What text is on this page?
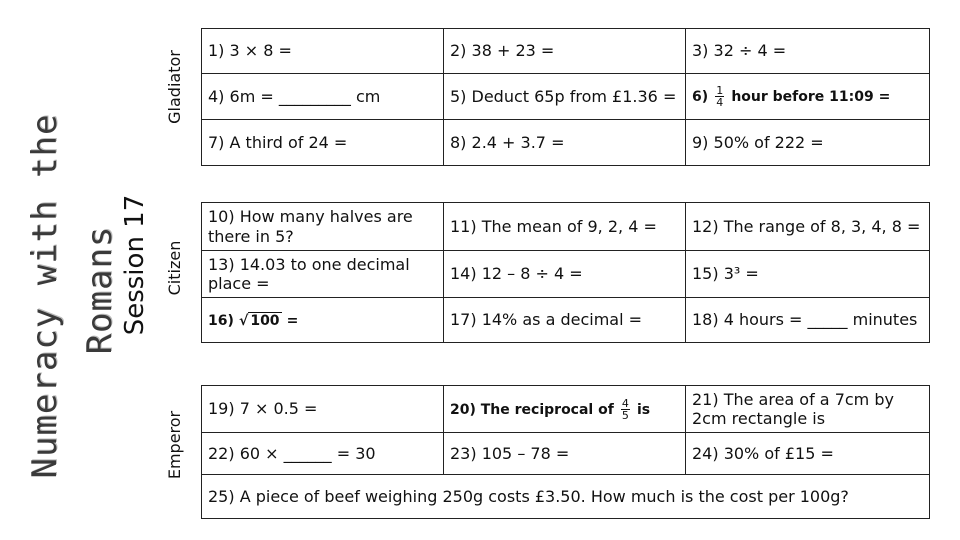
Numeracy with the Romans Session 17
Gladiator
Citizen
Emperor
1) 3 × 8 =	2) 38 + 23 =	3) 32 ÷ 4 =
4) 6m = _________ cm	5) Deduct 65p from £1.36 =	$6) \frac{1}{4}$ hour before 11:09 =
7) A third of 24 =	8) 2.4 + 3.7 =	9) 50% of 222 =
10) How many halves are there in 5?	11) The mean of 9, 2, 4 =	12) The range of 8, 3, 4, 8 =
13) 14.03 to one decimal place =	14) 12 – 8 ÷ 4 =	15) 3³ =
16) √ 100 =	17) 14% as a decimal =	18) 4 hours = _____ minutes
19) 7 × 0.5 =	20) The reciprocal of $\frac{4}{5}$ is	21) The area of a 7cm by 2cm rectangle is
22) 60 × ______ = 30	23) 105 – 78 =	24) 30% of £15 =
25) A piece of beef weighing 250g costs £3.50. How much is the cost per 100g?		
